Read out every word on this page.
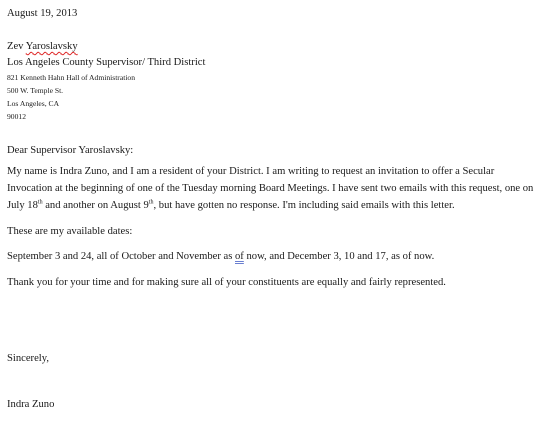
August 19, 2013
Zev Yaroslavsky
Los Angeles County Supervisor/ Third District
821 Kenneth Hahn Hall of Administration
500 W. Temple St.
Los Angeles, CA
90012
Dear Supervisor Yaroslavsky:
My name is Indra Zuno, and I am a resident of your District. I am writing to request an invitation to offer a Secular Invocation at the beginning of one of the Tuesday morning Board Meetings. I have sent two emails with this request, one on July 18th and another on August 9th, but have gotten no response. I'm including said emails with this letter.
These are my available dates:
September 3 and 24, all of October and November as of now, and December 3, 10 and 17, as of now.
Thank you for your time and for making sure all of your constituents are equally and fairly represented.
Sincerely,
Indra Zuno
